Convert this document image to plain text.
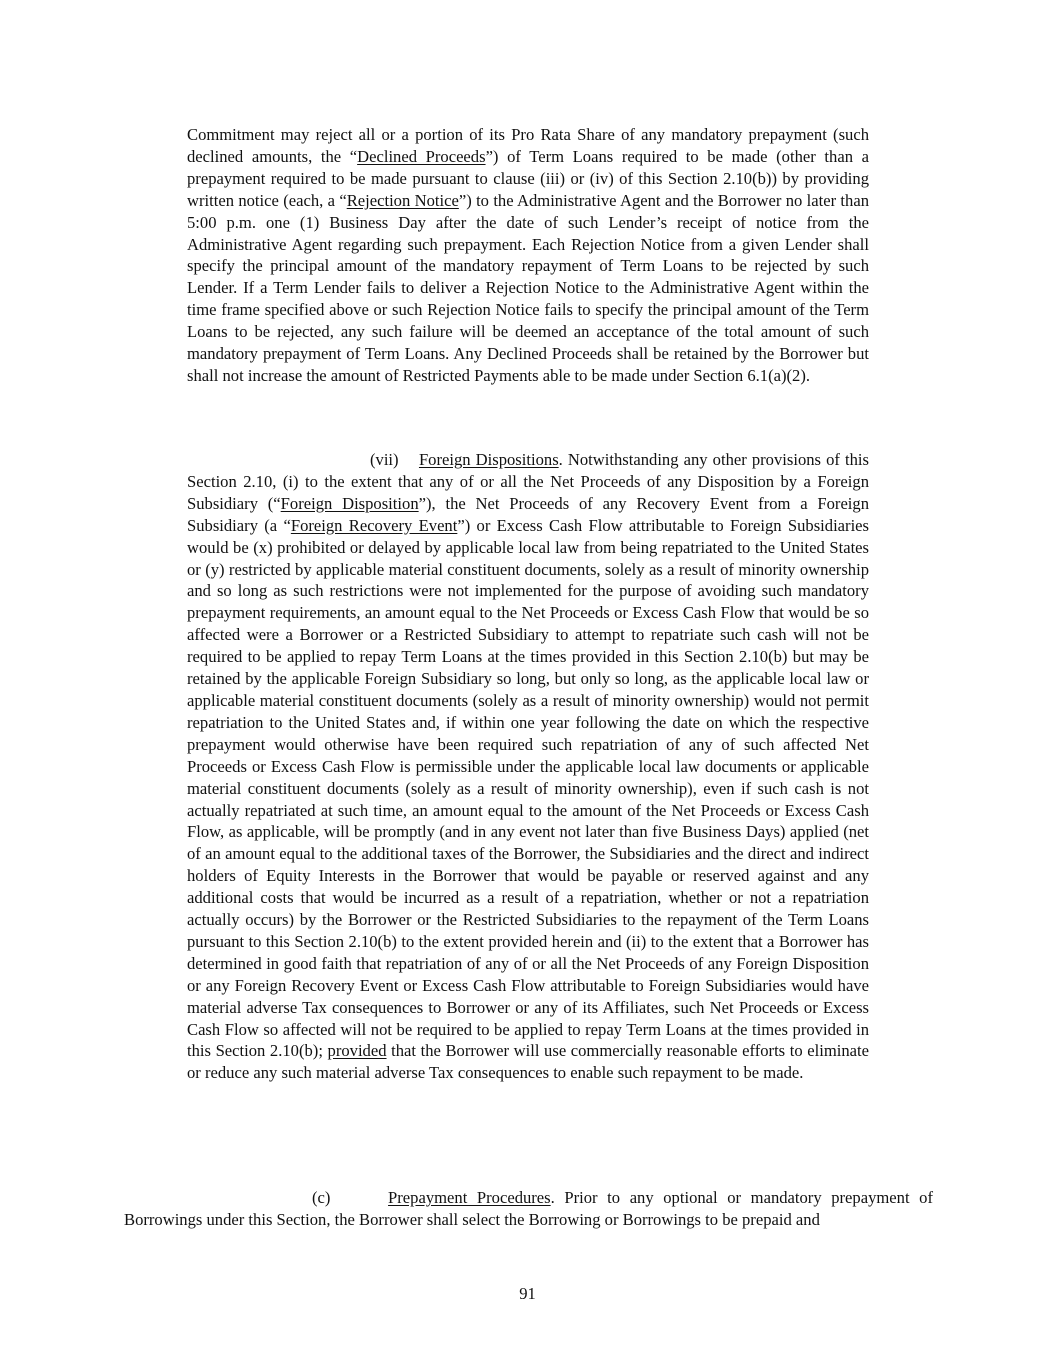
Commitment may reject all or a portion of its Pro Rata Share of any mandatory prepayment (such declined amounts, the “Declined Proceeds”) of Term Loans required to be made (other than a prepayment required to be made pursuant to clause (iii) or (iv) of this Section 2.10(b)) by providing written notice (each, a “Rejection Notice”) to the Administrative Agent and the Borrower no later than 5:00 p.m. one (1) Business Day after the date of such Lender’s receipt of notice from the Administrative Agent regarding such prepayment. Each Rejection Notice from a given Lender shall specify the principal amount of the mandatory repayment of Term Loans to be rejected by such Lender. If a Term Lender fails to deliver a Rejection Notice to the Administrative Agent within the time frame specified above or such Rejection Notice fails to specify the principal amount of the Term Loans to be rejected, any such failure will be deemed an acceptance of the total amount of such mandatory prepayment of Term Loans. Any Declined Proceeds shall be retained by the Borrower but shall not increase the amount of Restricted Payments able to be made under Section 6.1(a)(2).

(vii) Foreign Dispositions. Notwithstanding any other provisions of this Section 2.10, (i) to the extent that any of or all the Net Proceeds of any Disposition by a Foreign Subsidiary (“Foreign Disposition”), the Net Proceeds of any Recovery Event from a Foreign Subsidiary (a “Foreign Recovery Event”) or Excess Cash Flow attributable to Foreign Subsidiaries would be (x) prohibited or delayed by applicable local law from being repatriated to the United States or (y) restricted by applicable material constituent documents, solely as a result of minority ownership and so long as such restrictions were not implemented for the purpose of avoiding such mandatory prepayment requirements, an amount equal to the Net Proceeds or Excess Cash Flow that would be so affected were a Borrower or a Restricted Subsidiary to attempt to repatriate such cash will not be required to be applied to repay Term Loans at the times provided in this Section 2.10(b) but may be retained by the applicable Foreign Subsidiary so long, but only so long, as the applicable local law or applicable material constituent documents (solely as a result of minority ownership) would not permit repatriation to the United States and, if within one year following the date on which the respective prepayment would otherwise have been required such repatriation of any of such affected Net Proceeds or Excess Cash Flow is permissible under the applicable local law documents or applicable material constituent documents (solely as a result of minority ownership), even if such cash is not actually repatriated at such time, an amount equal to the amount of the Net Proceeds or Excess Cash Flow, as applicable, will be promptly (and in any event not later than five Business Days) applied (net of an amount equal to the additional taxes of the Borrower, the Subsidiaries and the direct and indirect holders of Equity Interests in the Borrower that would be payable or reserved against and any additional costs that would be incurred as a result of a repatriation, whether or not a repatriation actually occurs) by the Borrower or the Restricted Subsidiaries to the repayment of the Term Loans pursuant to this Section 2.10(b) to the extent provided herein and (ii) to the extent that a Borrower has determined in good faith that repatriation of any of or all the Net Proceeds of any Foreign Disposition or any Foreign Recovery Event or Excess Cash Flow attributable to Foreign Subsidiaries would have material adverse Tax consequences to Borrower or any of its Affiliates, such Net Proceeds or Excess Cash Flow so affected will not be required to be applied to repay Term Loans at the times provided in this Section 2.10(b); provided that the Borrower will use commercially reasonable efforts to eliminate or reduce any such material adverse Tax consequences to enable such repayment to be made.

(c)	Prepayment Procedures. Prior to any optional or mandatory prepayment of Borrowings under this Section, the Borrower shall select the Borrowing or Borrowings to be prepaid and

91
